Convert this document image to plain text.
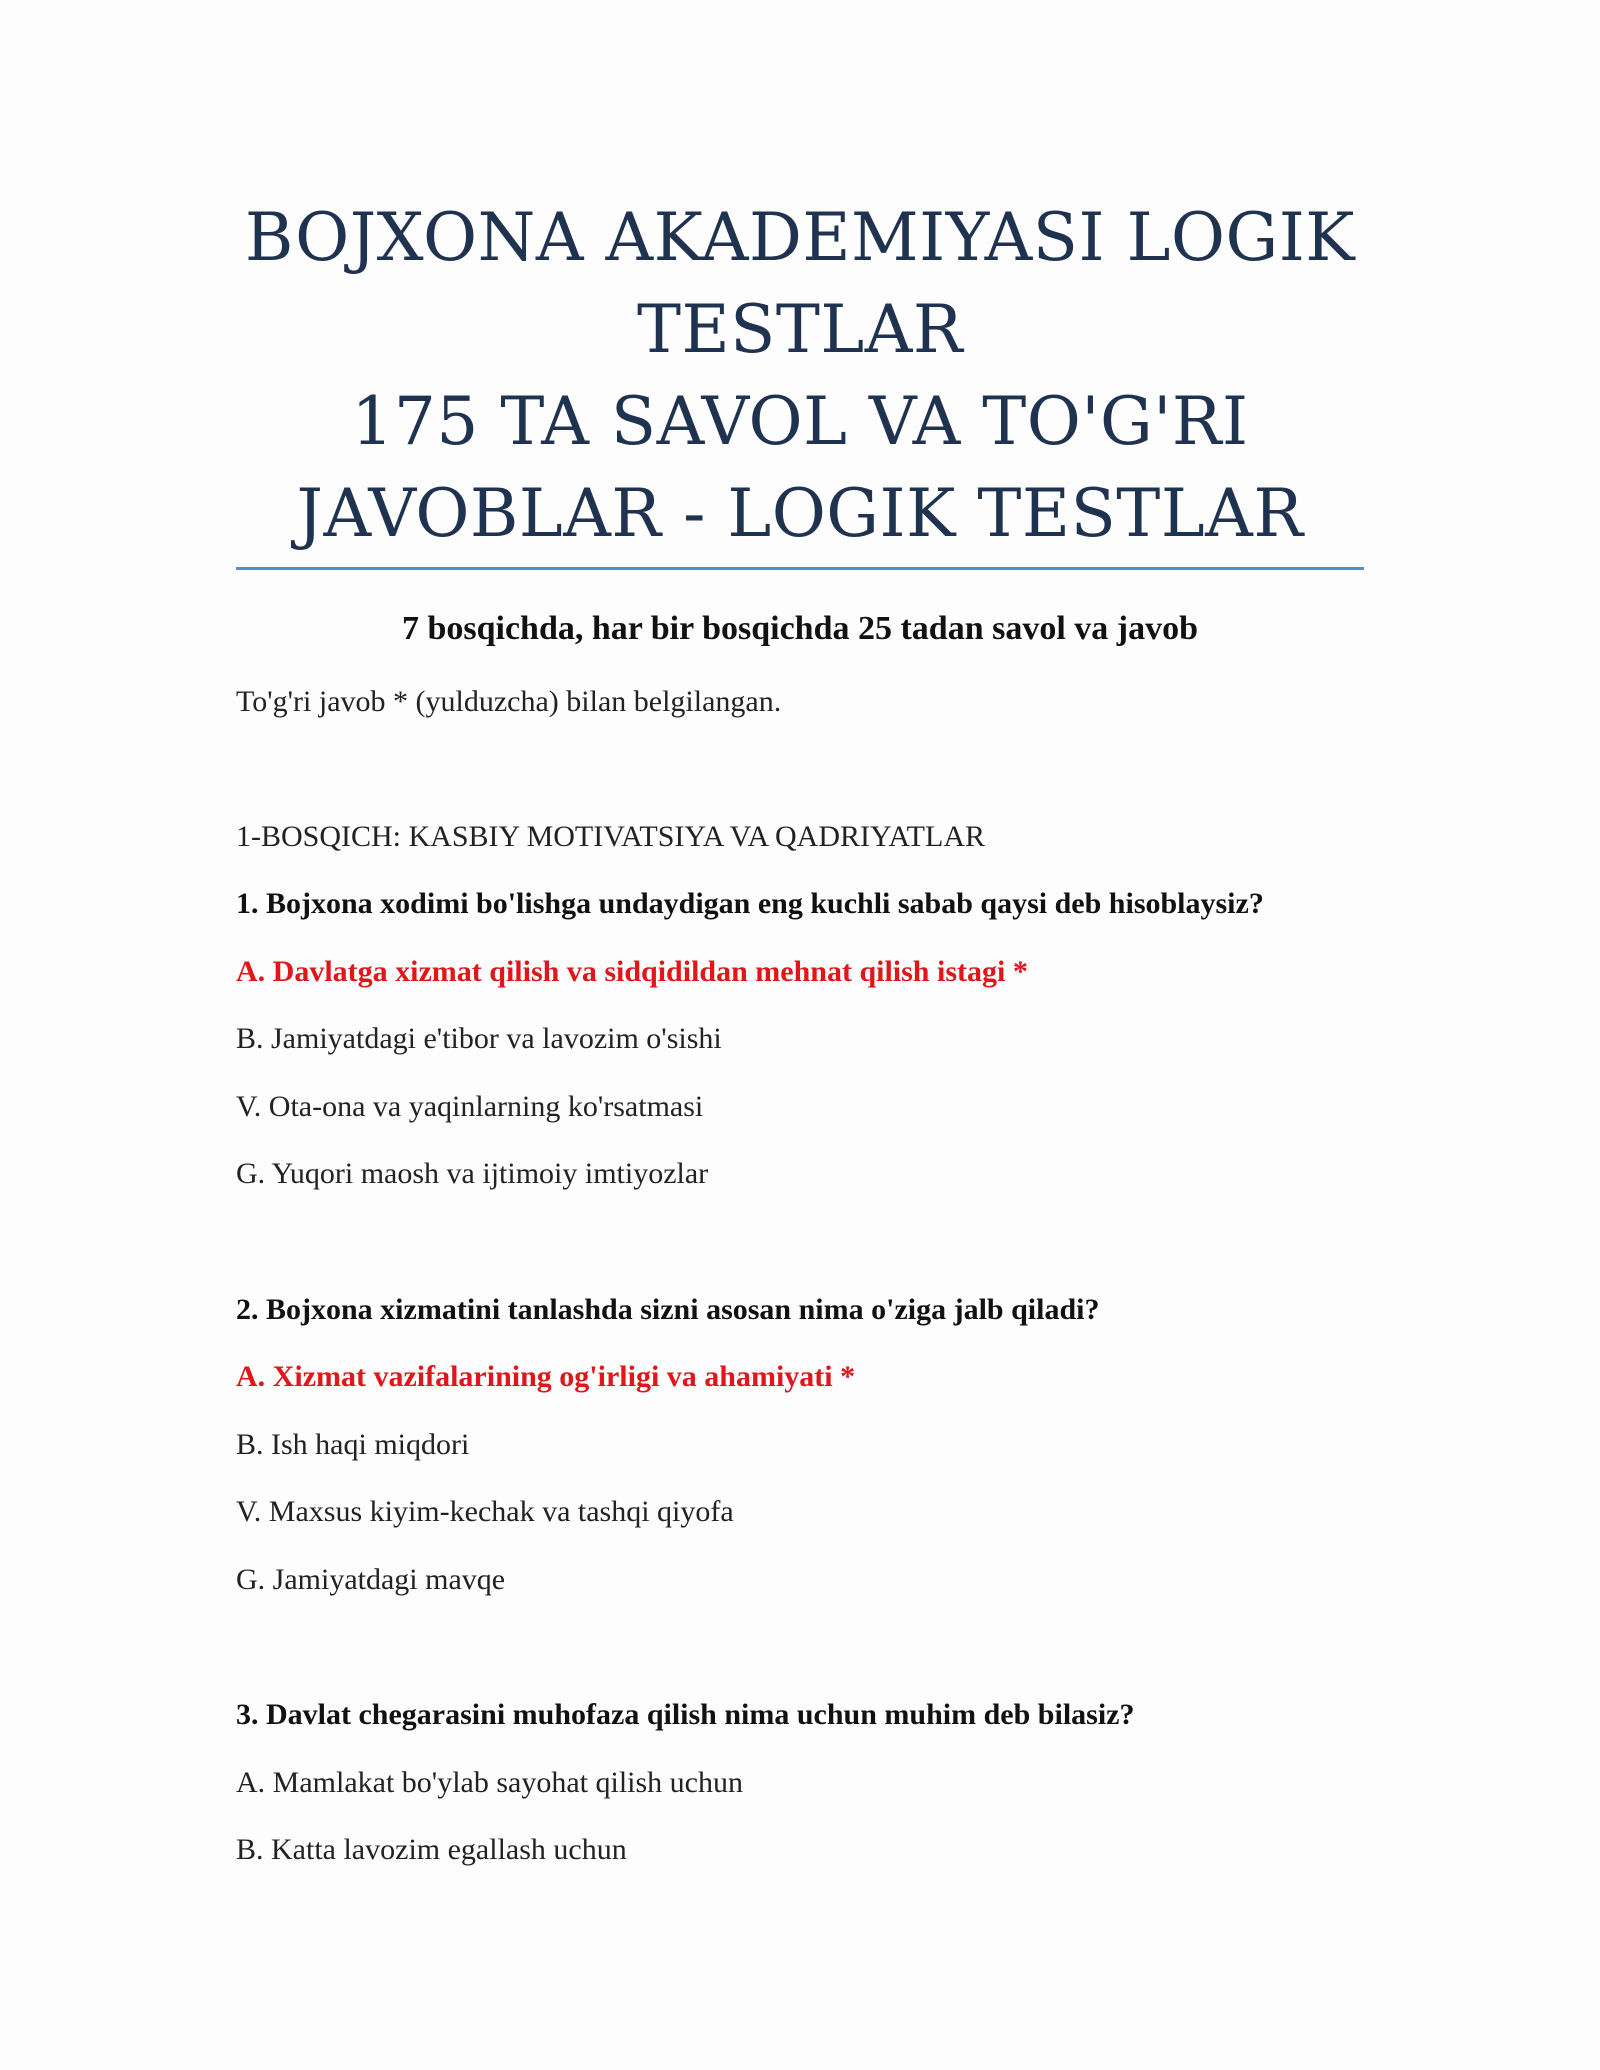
BOJXONA AKADEMIYASI LOGIK
TESTLAR
175 TA SAVOL VA TO'G'RI
JAVOBLAR - LOGIK TESTLAR
7 bosqichda, har bir bosqichda 25 tadan savol va javob
To'g'ri javob * (yulduzcha) bilan belgilangan.
1-BOSQICH: KASBIY MOTIVATSIYA VA QADRIYATLAR
1. Bojxona xodimi bo'lishga undaydigan eng kuchli sabab qaysi deb hisoblaysiz?
A. Davlatga xizmat qilish va sidqidildan mehnat qilish istagi *
B. Jamiyatdagi e'tibor va lavozim o'sishi
V. Ota-ona va yaqinlarning ko'rsatmasi
G. Yuqori maosh va ijtimoiy imtiyozlar
2. Bojxona xizmatini tanlashda sizni asosan nima o'ziga jalb qiladi?
A. Xizmat vazifalarining og'irligi va ahamiyati *
B. Ish haqi miqdori
V. Maxsus kiyim-kechak va tashqi qiyofa
G. Jamiyatdagi mavqe
3. Davlat chegarasini muhofaza qilish nima uchun muhim deb bilasiz?
A. Mamlakat bo'ylab sayohat qilish uchun
B. Katta lavozim egallash uchun
